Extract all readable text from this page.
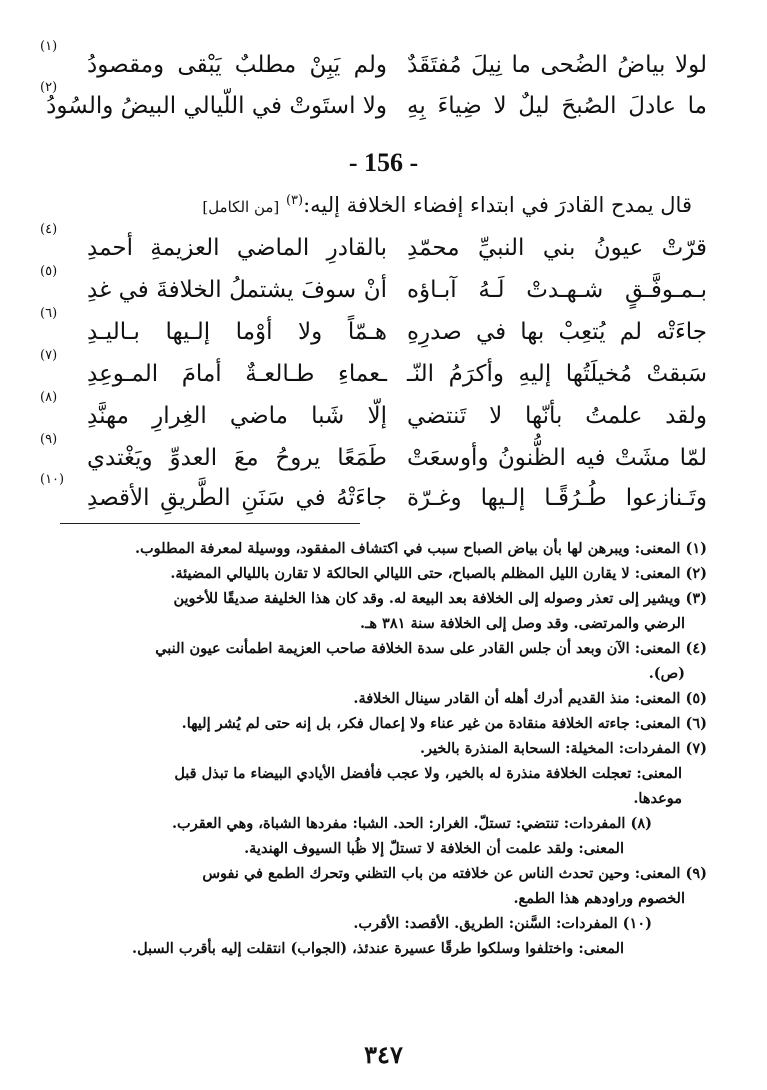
لولا بياضُ الضُحى ما نِيلَ مُفتَقَدٌ
ولم يَبِنْ مطلبٌ يَبْقى ومقصودُ
(١)
ما عادلَ الصُبحَ ليلٌ لا ضِياءَ بِهِ
ولا استَوتْ في اللّيالي البيضُ والسُودُ
(٢)
- 156 -
قال يمدح القادرَ في ابتداء إفضاء الخلافة إليه:$^{(٣)}$ [من الكامل]
قرّتْ عيونُ بني النبيِّ محمّدِ
بالقادرِ الماضي العزيمةِ أحمدِ
(٤)
بـمـوفَّـقٍ شـهـدتْ لَـهُ آبـاؤه
أنْ سوفَ يشتملُ الخلافةَ في غدِ
(٥)
جاءَتْه لم يُتعِبْ بها في صدرِهِ
هـمّاً ولا أوْما إلـيها بـاليـدِ
(٦)
سَبقتْ مُخيلَتُها إليهِ وأكرَمُ النّـ
ـعماءِ طـالعـةٌ أمامَ المـوعِدِ
(٧)
ولقد علمتُ بأنّها لا تَنتضي
إلّا شَبا ماضي الغِرارِ مهنَّدِ
(٨)
لمّا مشَتْ فيه الظُّنونُ وأوسعَتْ
طَمَعًا يروحُ معَ العدوِّ ويَغْتدي
(٩)
وتَـنازعوا طُـرُقًـا إلـيها وغـرّة
جاءَتْهُ في سَنَنِ الطَّريقِ الأقصدِ
(١٠)
(١) المعنى: ويبرهن لها بأن بياض الصباح سبب في اكتشاف المفقود، ووسيلة لمعرفة المطلوب.
(٢) المعنى: لا يقارن الليل المظلم بالصباح، حتى الليالي الحالكة لا تقارن بالليالي المضيئة.
(٣) ويشير إلى تعذر وصوله إلى الخلافة بعد البيعة له. وقد كان هذا الخليفة صديقًا للأخوين
الرضي والمرتضى. وقد وصل إلى الخلافة سنة ٣٨١ هـ.
(٤) المعنى: الآن وبعد أن جلس القادر على سدة الخلافة صاحب العزيمة اطمأنت عيون النبي
(ص).
(٥) المعنى: منذ القديم أدرك أهله أن القادر سينال الخلافة.
(٦) المعنى: جاءته الخلافة منقادة من غير عناء ولا إعمال فكر، بل إنه حتى لم يُشر إليها.
(٧) المفردات: المخيلة: السحابة المنذرة بالخير.
المعنى: تعجلت الخلافة منذرة له بالخير، ولا عجب فأفضل الأيادي البيضاء ما تبذل قبل
موعدها.
(٨) المفردات: تنتضي: تستلّ. الغرار: الحد. الشبا: مفردها الشباة، وهي العقرب.
المعنى: ولقد علمت أن الخلافة لا تستلّ إلا ظُبا السيوف الهندية.
(٩) المعنى: وحين تحدث الناس عن خلافته من باب التظني وتحرك الطمع في نفوس
الخصوم وراودهم هذا الطمع.
(١٠) المفردات: السَّنن: الطريق. الأقصد: الأقرب.
المعنى: واختلفوا وسلكوا طرقًا عسيرة عندئذ، (الجواب) انتقلت إليه بأقرب السبل.
٣٤٧
